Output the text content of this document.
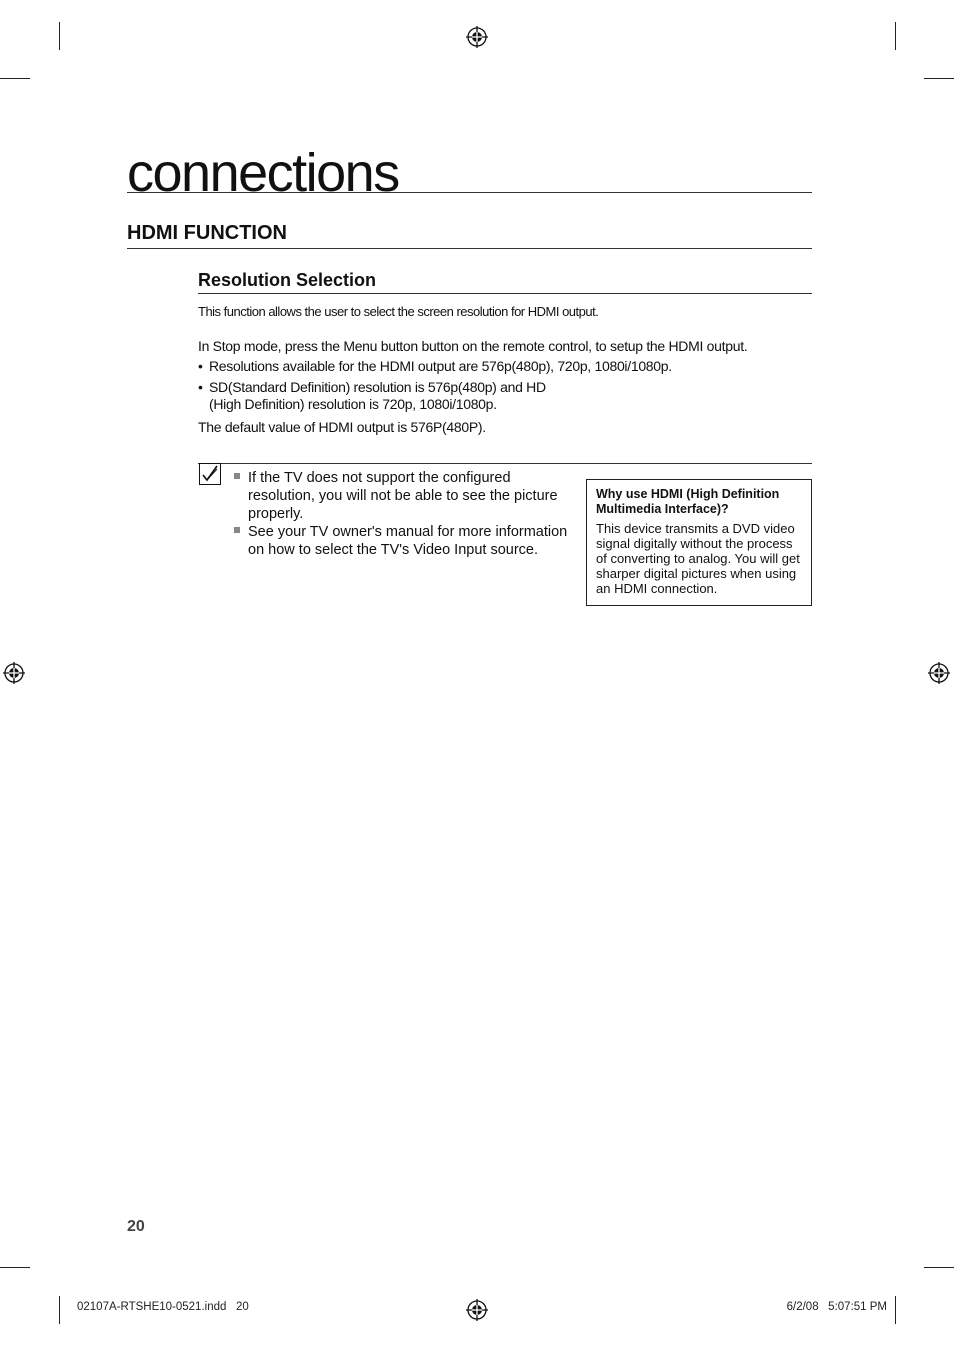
connections
HDMI FUNCTION
Resolution Selection
This function allows the user to select the screen resolution for HDMI output.
In Stop mode, press the Menu button button on the remote control, to setup the HDMI output.
• Resolutions available for the HDMI output are 576p(480p), 720p, 1080i/1080p.
• SD(Standard Definition) resolution is 576p(480p) and HD
(High Definition) resolution is 720p, 1080i/1080p.
The default value of HDMI output is 576P(480P).
If the TV does not support the configured resolution, you will not be able to see the picture properly.
See your TV owner's manual for more information on how to select the TV's Video Input source.
Why use HDMI (High Definition Multimedia Interface)?
This device transmits a DVD video signal digitally without the process of converting to analog. You will get sharper digital pictures when using an HDMI connection.
20
02107A-RTSHE10-0521.indd   20	6/2/08   5:07:51 PM
